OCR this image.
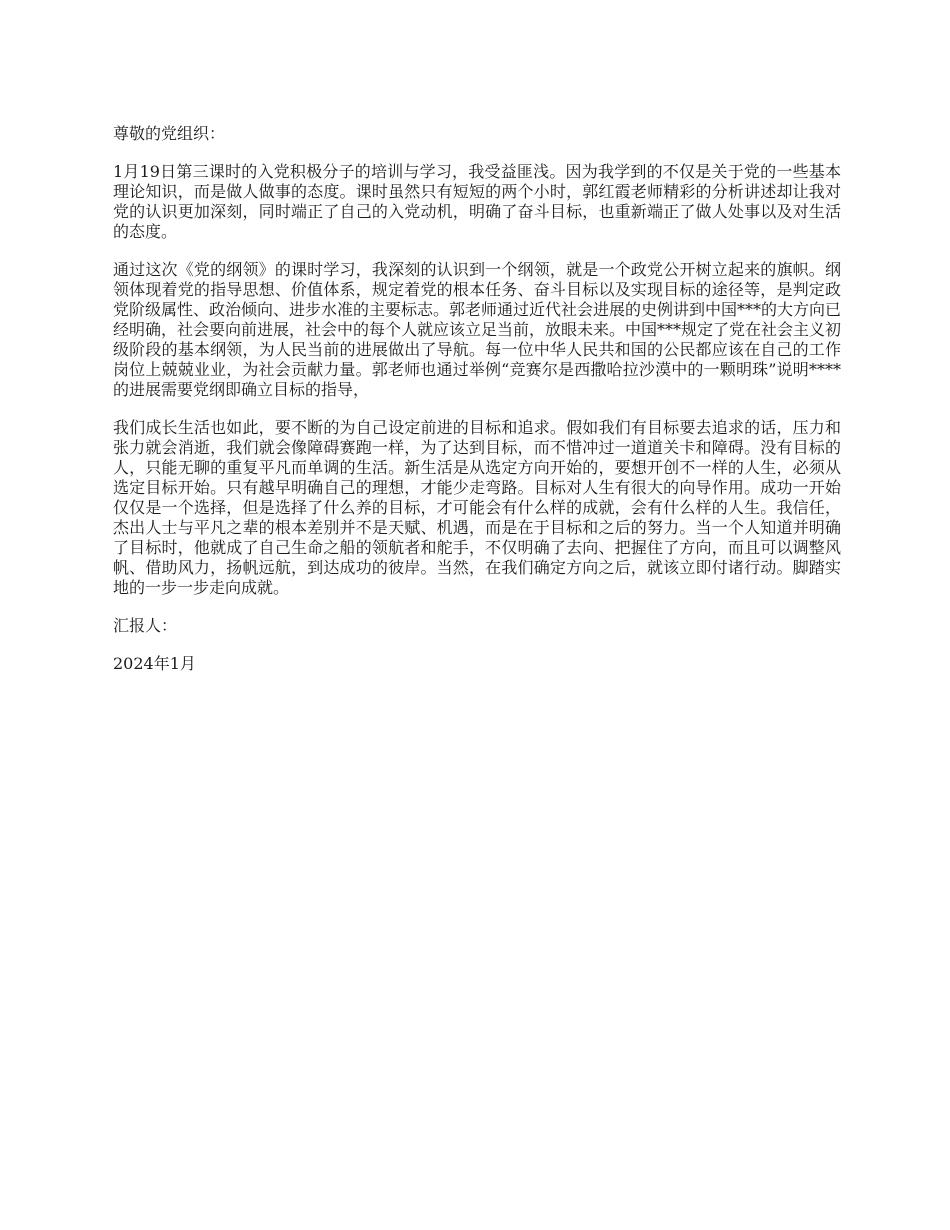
尊敬的党组织：

1月19日第三课时的入党积极分子的培训与学习，我受益匪浅。因为我学到的不仅是关于党的一些基本理论知识，而是做人做事的态度。课时虽然只有短短的两个小时，郭红霞老师精彩的分析讲述却让我对党的认识更加深刻，同时端正了自己的入党动机，明确了奋斗目标，也重新端正了做人处事以及对生活的态度。

通过这次《党的纲领》的课时学习，我深刻的认识到一个纲领，就是一个政党公开树立起来的旗帜。纲领体现着党的指导思想、价值体系，规定着党的根本任务、奋斗目标以及实现目标的途径等，是判定政党阶级属性、政治倾向、进步水准的主要标志。郭老师通过近代社会进展的史例讲到中国***的大方向已经明确，社会要向前进展，社会中的每个人就应该立足当前，放眼未来。中国***规定了党在社会主义初级阶段的基本纲领，为人民当前的进展做出了导航。每一位中华人民共和国的公民都应该在自己的工作岗位上兢兢业业，为社会贡献力量。郭老师也通过举例“竞赛尔是西撒哈拉沙漠中的一颗明珠”说明****的进展需要党纲即确立目标的指导，

我们成长生活也如此，要不断的为自己设定前进的目标和追求。假如我们有目标要去追求的话，压力和张力就会消逝，我们就会像障碍赛跑一样，为了达到目标，而不惜冲过一道道关卡和障碍。没有目标的人，只能无聊的重复平凡而单调的生活。新生活是从选定方向开始的，要想开创不一样的人生，必须从选定目标开始。只有越早明确自己的理想，才能少走弯路。目标对人生有很大的向导作用。成功一开始仅仅是一个选择，但是选择了什么养的目标，才可能会有什么样的成就，会有什么样的人生。我信任，杰出人士与平凡之辈的根本差别并不是天赋、机遇，而是在于目标和之后的努力。当一个人知道并明确了目标时，他就成了自己生命之船的领航者和舵手，不仅明确了去向、把握住了方向，而且可以调整风帆、借助风力，扬帆远航，到达成功的彼岸。当然，在我们确定方向之后，就该立即付诸行动。脚踏实地的一步一步走向成就。

汇报人：

2024年1月
